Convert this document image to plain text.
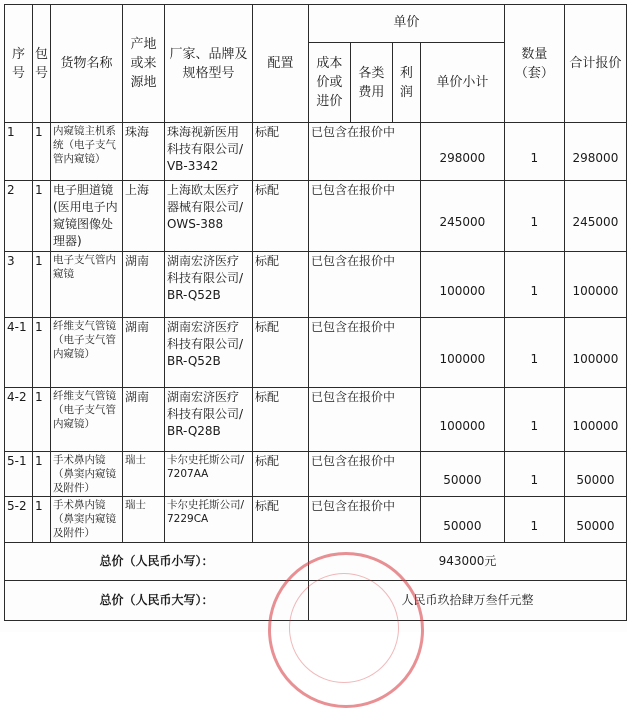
序号	包号	货物名称	产地或来源地	厂家、品牌及规格型号	配置	单价				数量（套）	合计报价
						成本价或进价	各类费用	利润	单价小计		
1	1	内窥镜主机系统（电子支气管内窥镜）	珠海	珠海视新医用科技有限公司/VB-3342	标配	已包含在报价中			298000	1	298000
2	1	电子胆道镜(医用电子内窥镜图像处理器)	上海	上海欧太医疗器械有限公司/OWS-388	标配	已包含在报价中			245000	1	245000
3	1	电子支气管内窥镜	湖南	湖南宏济医疗科技有限公司/BR-Q52B	标配	已包含在报价中			100000	1	100000
4-1	1	纤维支气管镜（电子支气管内窥镜）	湖南	湖南宏济医疗科技有限公司/BR-Q52B	标配	已包含在报价中			100000	1	100000
4-2	1	纤维支气管镜（电子支气管内窥镜）	湖南	湖南宏济医疗科技有限公司/BR-Q28B	标配	已包含在报价中			100000	1	100000
5-1	1	手术鼻内镜（鼻窦内窥镜及附件）	瑞士	卡尔史托斯公司/7207AA	标配	已包含在报价中			50000	1	50000
5-2	1	手术鼻内镜（鼻窦内窥镜及附件）	瑞士	卡尔史托斯公司/7229CA	标配	已包含在报价中			50000	1	50000
总价（人民币小写）：						943000元					
总价（人民币大写）：						人民币玖拾肆万叁仟元整					
